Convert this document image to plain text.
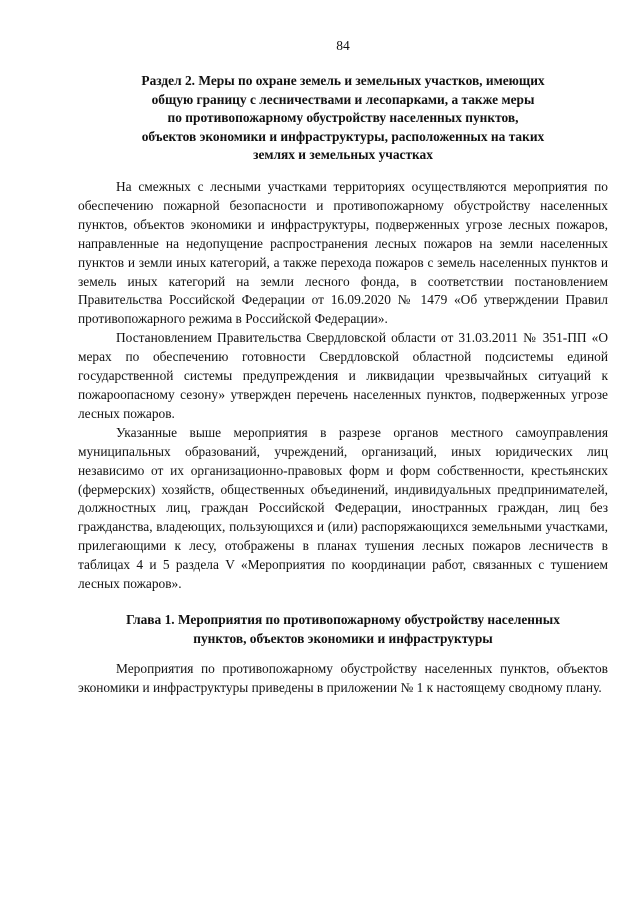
84
Раздел 2. Меры по охране земель и земельных участков, имеющих
общую границу с лесничествами и лесопарками, а также меры
по противопожарному обустройству населенных пунктов,
объектов экономики и инфраструктуры, расположенных на таких
землях и земельных участках

На смежных с лесными участками территориях осуществляются мероприятия по обеспечению пожарной безопасности и противопожарному обустройству населенных пунктов, объектов экономики и инфраструктуры, подверженных угрозе лесных пожаров, направленные на недопущение распространения лесных пожаров на земли населенных пунктов и земли иных категорий, а также перехода пожаров с земель населенных пунктов и земель иных категорий на земли лесного фонда, в соответствии постановлением Правительства Российской Федерации от 16.09.2020 № 1479 «Об утверждении Правил противопожарного режима в Российской Федерации».

Постановлением Правительства Свердловской области от 31.03.2011 № 351-ПП «О мерах по обеспечению готовности Свердловской областной подсистемы единой государственной системы предупреждения и ликвидации чрезвычайных ситуаций к пожароопасному сезону» утвержден перечень населенных пунктов, подверженных угрозе лесных пожаров.

Указанные выше мероприятия в разрезе органов местного самоуправления муниципальных образований, учреждений, организаций, иных юридических лиц независимо от их организационно-правовых форм и форм собственности, крестьянских (фермерских) хозяйств, общественных объединений, индивидуальных предпринимателей, должностных лиц, граждан Российской Федерации, иностранных граждан, лиц без гражданства, владеющих, пользующихся и (или) распоряжающихся земельными участками, прилегающими к лесу, отображены в планах тушения лесных пожаров лесничеств в таблицах 4 и 5 раздела V «Мероприятия по координации работ, связанных с тушением лесных пожаров».

Глава 1. Мероприятия по противопожарному обустройству населенных
пунктов, объектов экономики и инфраструктуры

Мероприятия по противопожарному обустройству населенных пунктов, объектов экономики и инфраструктуры приведены в приложении № 1 к настоящему сводному плану.
